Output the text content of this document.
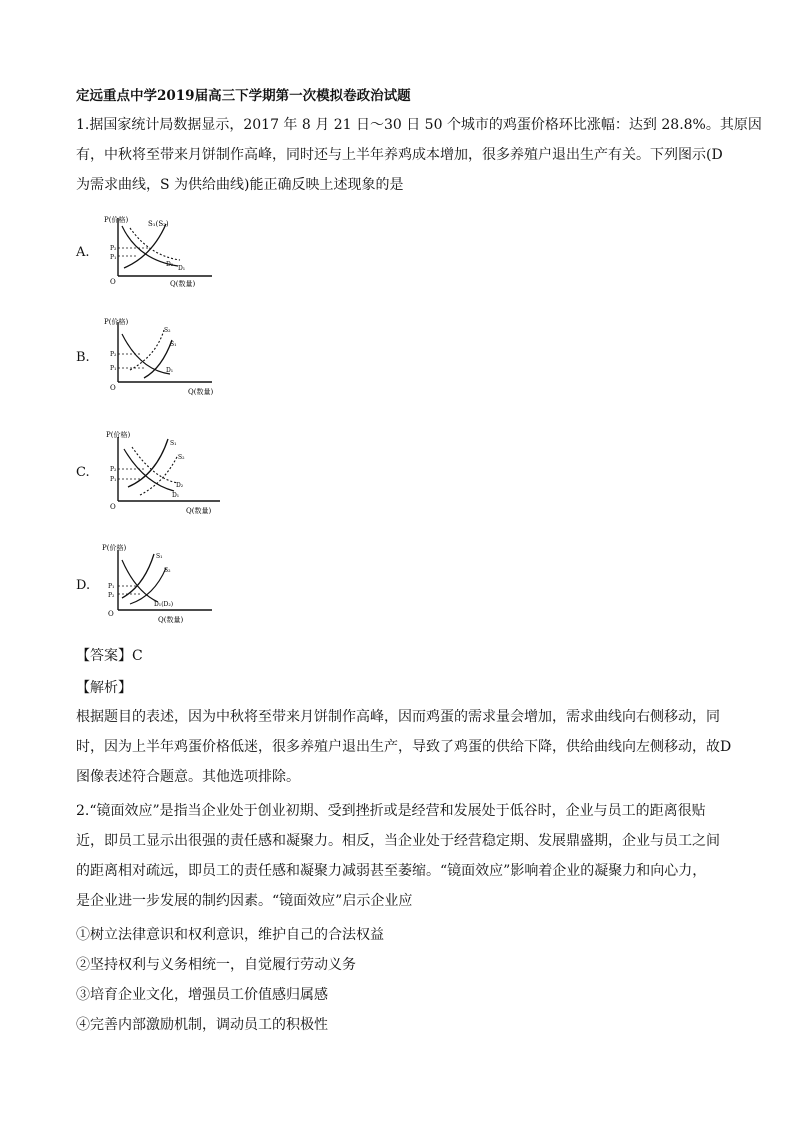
定远重点中学2019届高三下学期第一次模拟卷政治试题
1.据国家统计局数据显示，2017 年 8 月 21 日～30 日 50 个城市的鸡蛋价格环比涨幅：达到 28.8%。其原因
有，中秋将至带来月饼制作高峰，同时还与上半年养鸡成本增加，很多养殖户退出生产有关。下列图示(D
为需求曲线，S 为供给曲线)能正确反映上述现象的是
A.
P(价格)
Q(数量)
O
S₁(S₂)
D₂
D₁
P₂
P₁
B.
P(价格)
Q(数量)
O
S₂
S₁
D₁
P₂
P₁
C.
P(价格)
Q(数量)
O
S₁
S₂
D₂
D₁
P₂
P₁
D.
P(价格)
Q(数量)
O
S₁
S₂
D₁(D₂)
P₁
P₂
【答案】C
【解析】
根据题目的表述，因为中秋将至带来月饼制作高峰，因而鸡蛋的需求量会增加，需求曲线向右侧移动，同
时，因为上半年鸡蛋价格低迷，很多养殖户退出生产，导致了鸡蛋的供给下降，供给曲线向左侧移动，故D
图像表述符合题意。其他选项排除。
2.“镜面效应”是指当企业处于创业初期、受到挫折或是经营和发展处于低谷时，企业与员工的距离很贴
近，即员工显示出很强的责任感和凝聚力。相反，当企业处于经营稳定期、发展鼎盛期，企业与员工之间
的距离相对疏远，即员工的责任感和凝聚力减弱甚至萎缩。“镜面效应”影响着企业的凝聚力和向心力，
是企业进一步发展的制约因素。“镜面效应”启示企业应
①树立法律意识和权利意识，维护自己的合法权益
②坚持权利与义务相统一，自觉履行劳动义务
③培育企业文化，增强员工价值感归属感
④完善内部激励机制，调动员工的积极性
